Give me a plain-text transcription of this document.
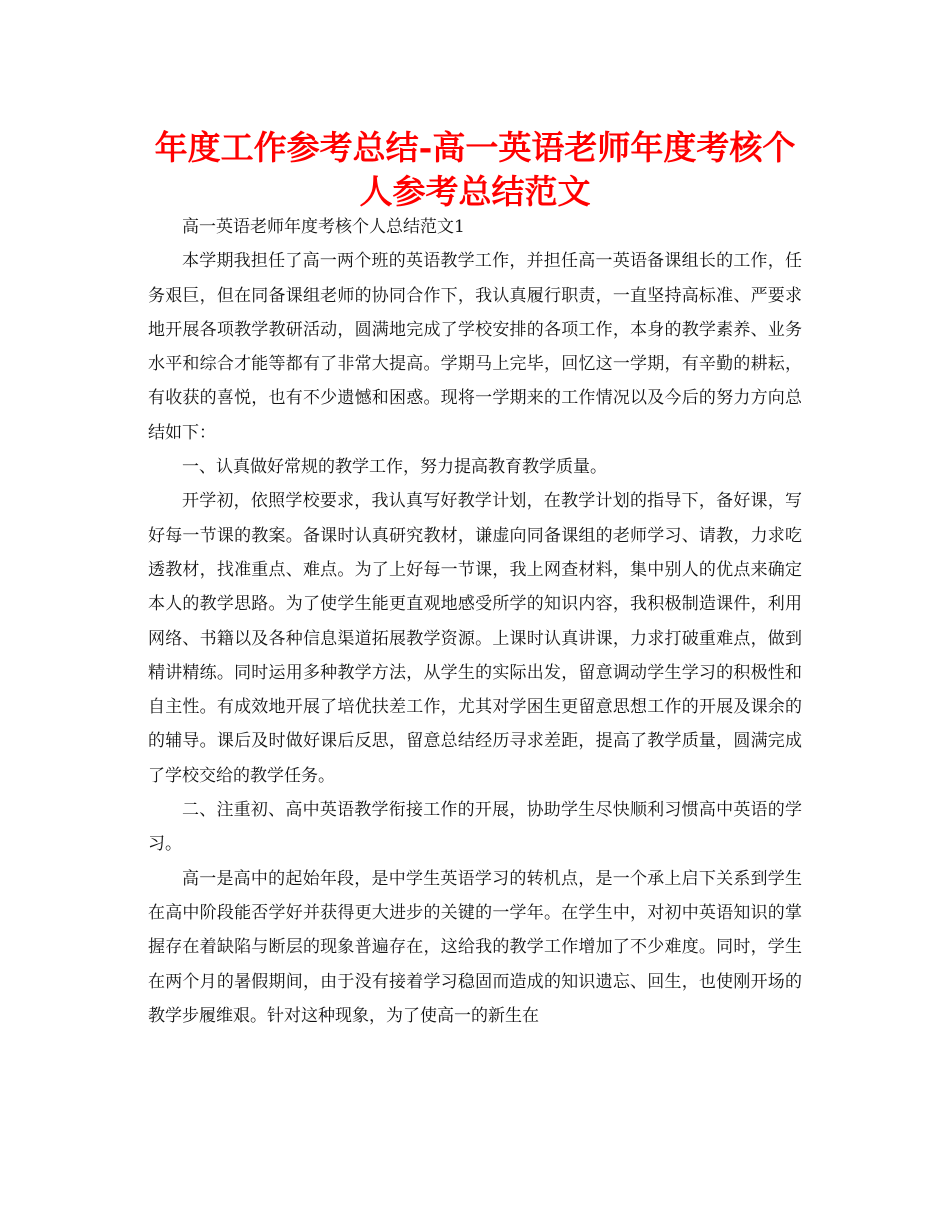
年度工作参考总结-高一英语老师年度考核个人参考总结范文

高一英语老师年度考核个人总结范文1

本学期我担任了高一两个班的英语教学工作，并担任高一英语备课组长的工作，任务艰巨，但在同备课组老师的协同合作下，我认真履行职责，一直坚持高标准、严要求地开展各项教学教研活动，圆满地完成了学校安排的各项工作，本身的教学素养、业务水平和综合才能等都有了非常大提高。学期马上完毕，回忆这一学期，有辛勤的耕耘，有收获的喜悦，也有不少遗憾和困惑。现将一学期来的工作情况以及今后的努力方向总结如下：

一、认真做好常规的教学工作，努力提高教育教学质量。

开学初，依照学校要求，我认真写好教学计划，在教学计划的指导下，备好课，写好每一节课的教案。备课时认真研究教材，谦虚向同备课组的老师学习、请教，力求吃透教材，找准重点、难点。为了上好每一节课，我上网查材料，集中别人的优点来确定本人的教学思路。为了使学生能更直观地感受所学的知识内容，我积极制造课件，利用网络、书籍以及各种信息渠道拓展教学资源。上课时认真讲课，力求打破重难点，做到精讲精练。同时运用多种教学方法，从学生的实际出发，留意调动学生学习的积极性和自主性。有成效地开展了培优扶差工作，尤其对学困生更留意思想工作的开展及课余的的辅导。课后及时做好课后反思，留意总结经历寻求差距，提高了教学质量，圆满完成了学校交给的教学任务。

二、注重初、高中英语教学衔接工作的开展，协助学生尽快顺利习惯高中英语的学习。

高一是高中的起始年段，是中学生英语学习的转机点，是一个承上启下关系到学生在高中阶段能否学好并获得更大进步的关键的一学年。在学生中，对初中英语知识的掌握存在着缺陷与断层的现象普遍存在，这给我的教学工作增加了不少难度。同时，学生在两个月的暑假期间，由于没有接着学习稳固而造成的知识遗忘、回生，也使刚开场的教学步履维艰。针对这种现象，为了使高一的新生在
